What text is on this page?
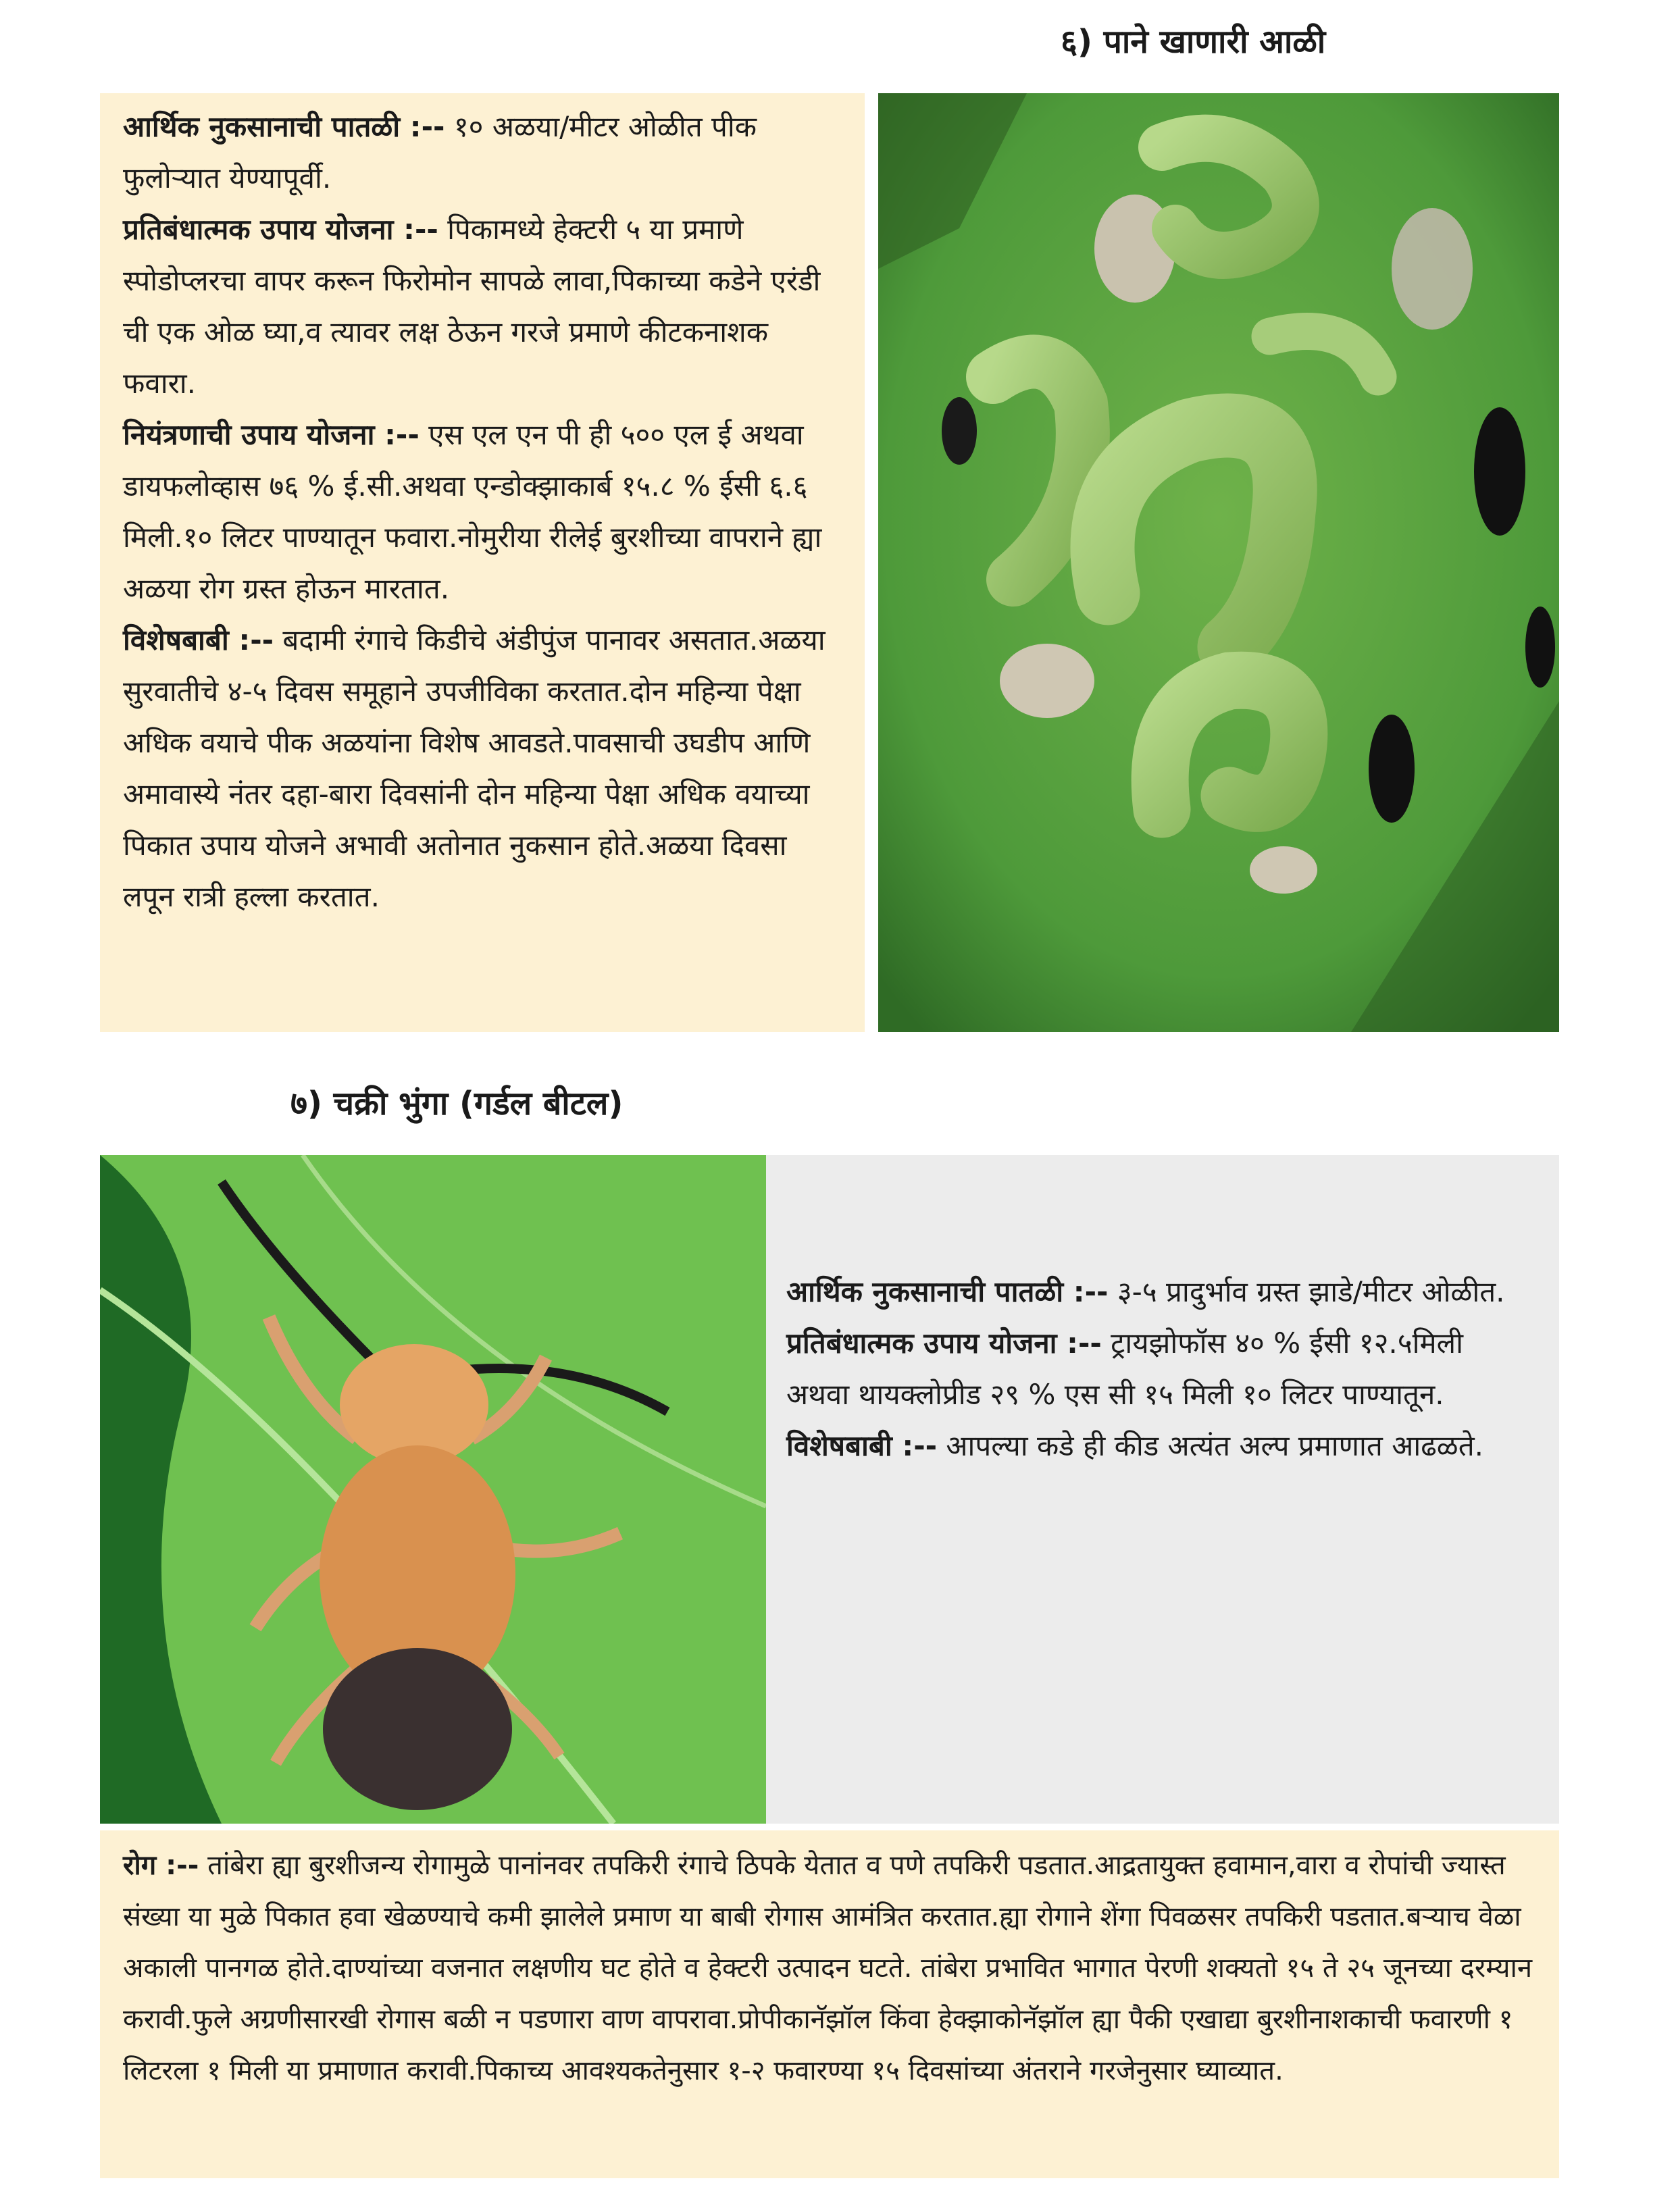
६) पाने खाणारी आळी

आर्थिक नुकसानाची पातळी :-- १० अळया/मीटर ओळीत पीक फुलोऱ्यात येण्यापूर्वी.

प्रतिबंधात्मक उपाय योजना :-- पिकामध्ये हेक्टरी ५ या प्रमाणे स्पोडोप्लरचा वापर करून फिरोमोन सापळे लावा,पिकाच्या कडेने एरंडी ची एक ओळ घ्या,व त्यावर लक्ष ठेऊन गरजे प्रमाणे कीटकनाशक फवारा.

नियंत्रणाची उपाय योजना :-- एस एल एन पी ही ५०० एल ई अथवा डायफलोव्हास ७६ % ई.सी.अथवा एन्डोक्झाकार्ब १५.८ % ईसी ६.६ मिली.१० लिटर पाण्यातून फवारा.नोमुरीया रीलेई बुरशीच्या वापराने ह्या अळया रोग ग्रस्त होऊन मारतात.

विशेषबाबी :-- बदामी रंगाचे किडीचे अंडीपुंज पानावर असतात.अळया सुरवातीचे ४-५ दिवस समूहाने उपजीविका करतात.दोन महिन्या पेक्षा अधिक वयाचे पीक अळयांना विशेष आवडते.पावसाची उघडीप आणि अमावास्ये नंतर दहा-बारा दिवसांनी दोन महिन्या पेक्षा अधिक वयाच्या पिकात उपाय योजने अभावी अतोनात नुकसान होते.अळया दिवसा लपून रात्री हल्ला करतात.

७) चक्री भुंगा (गर्डल बीटल)

आर्थिक नुकसानाची पातळी :-- ३-५ प्रादुर्भाव ग्रस्त झाडे/मीटर ओळीत.

प्रतिबंधात्मक उपाय योजना :-- ट्रायझोफॉस ४० % ईसी १२.५मिली अथवा थायक्लोप्रीड २९ % एस सी १५ मिली १० लिटर पाण्यातून.

विशेषबाबी :-- आपल्या कडे ही कीड अत्यंत अल्प प्रमाणात आढळते.

रोग :-- तांबेरा ह्या बुरशीजन्य रोगामुळे पानांनवर तपकिरी रंगाचे ठिपके येतात व पणे तपकिरी पडतात.आद्रतायुक्त हवामान,वारा व रोपांची ज्यास्त संख्या या मुळे पिकात हवा खेळण्याचे कमी झालेले प्रमाण या बाबी रोगास आमंत्रित करतात.ह्या रोगाने शेंगा पिवळसर तपकिरी पडतात.बऱ्याच वेळा अकाली पानगळ होते.दाण्यांच्या वजनात लक्षणीय घट होते व हेक्टरी उत्पादन घटते. तांबेरा प्रभावित भागात पेरणी शक्यतो १५ ते २५ जूनच्या दरम्यान करावी.फुले अग्रणीसारखी रोगास बळी न पडणारा वाण वापरावा.प्रोपीकानॅझॉल किंवा हेक्झाकोनॅझॉल ह्या पैकी एखाद्या बुरशीनाशकाची फवारणी १ लिटरला १ मिली या प्रमाणात करावी.पिकाच्य आवश्यकतेनुसार १-२ फवारण्या १५ दिवसांच्या अंतराने गरजेनुसार घ्याव्यात.
